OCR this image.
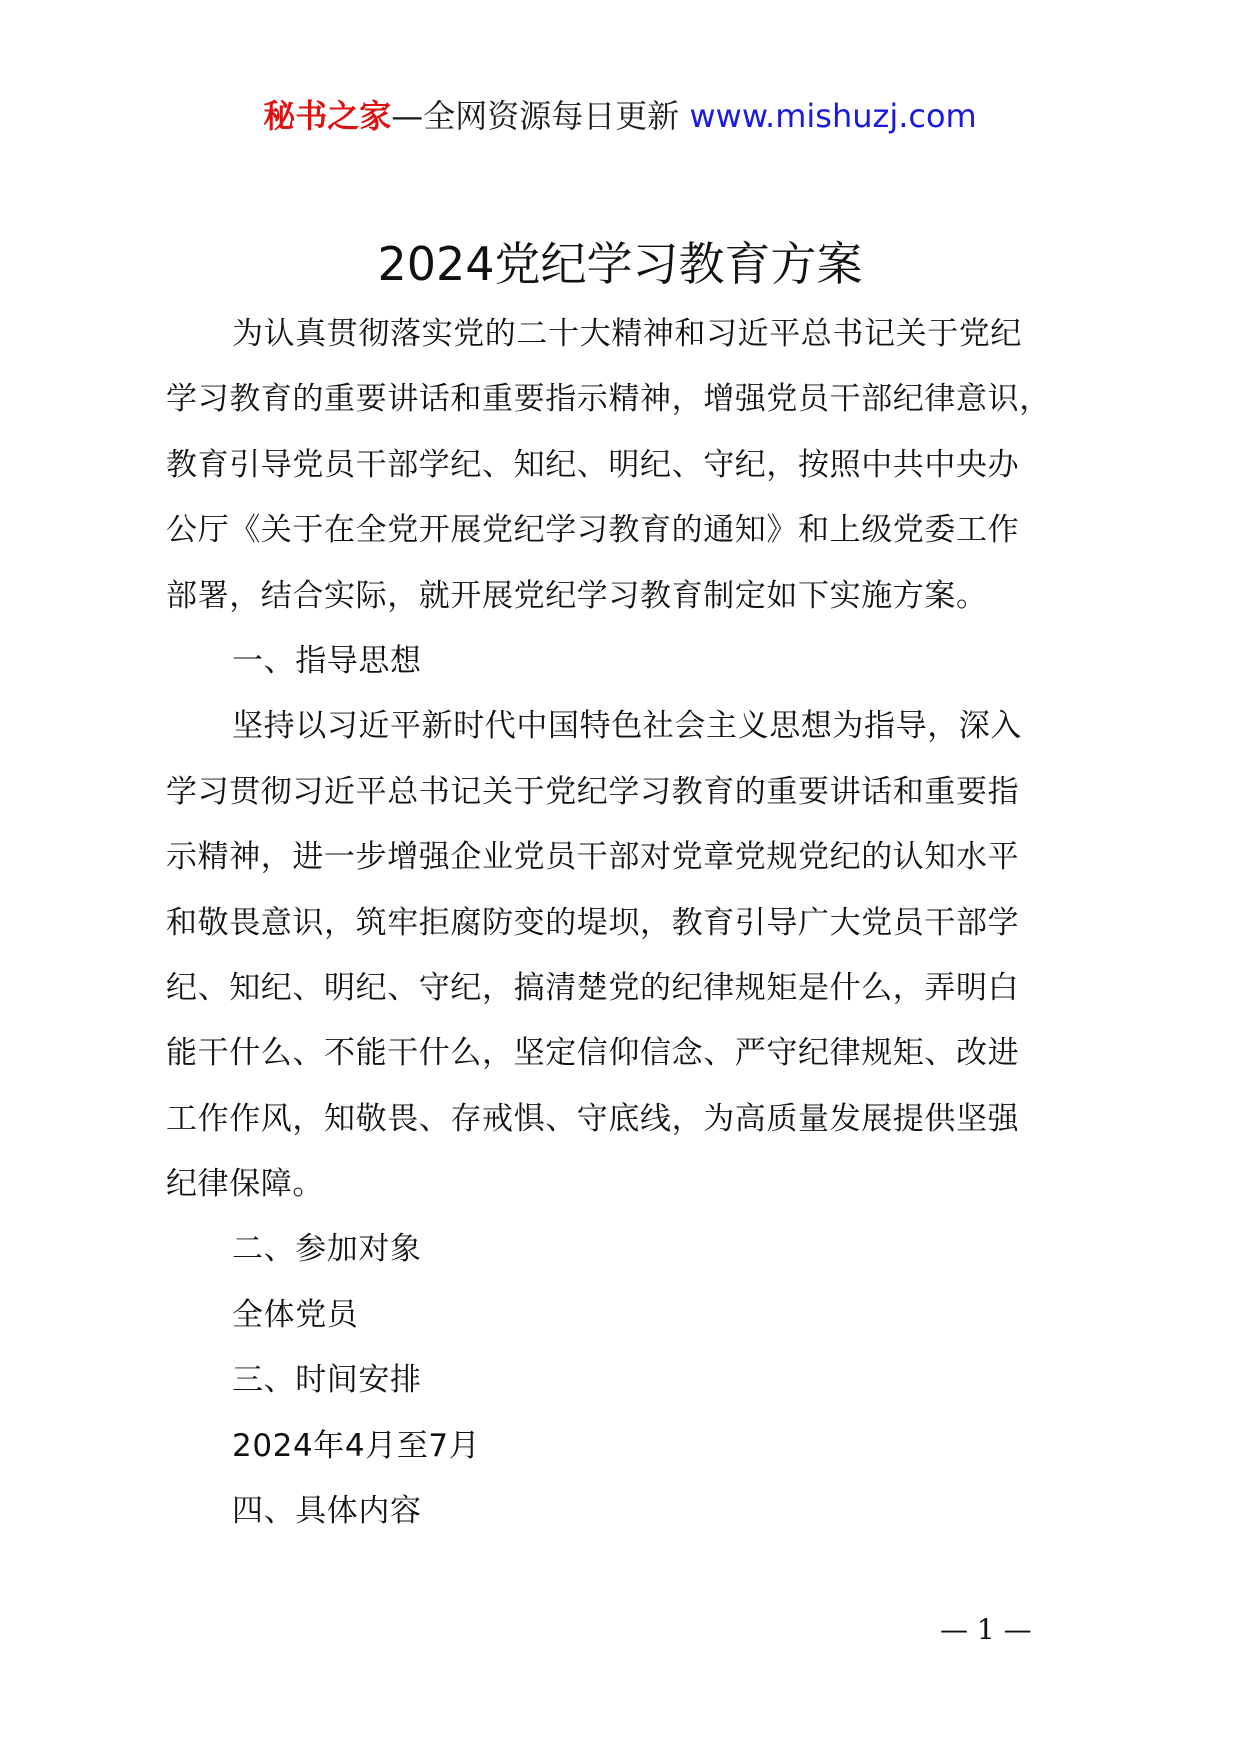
秘书之家—全网资源每日更新 www.mishuzj.com
2024党纪学习教育方案
为认真贯彻落实党的二十大精神和习近平总书记关于党纪
学习教育的重要讲话和重要指示精神，增强党员干部纪律意识，
教育引导党员干部学纪、知纪、明纪、守纪，按照中共中央办
公厅《关于在全党开展党纪学习教育的通知》和上级党委工作
部署，结合实际，就开展党纪学习教育制定如下实施方案。
一、指导思想
坚持以习近平新时代中国特色社会主义思想为指导，深入
学习贯彻习近平总书记关于党纪学习教育的重要讲话和重要指
示精神，进一步增强企业党员干部对党章党规党纪的认知水平
和敬畏意识，筑牢拒腐防变的堤坝，教育引导广大党员干部学
纪、知纪、明纪、守纪，搞清楚党的纪律规矩是什么，弄明白
能干什么、不能干什么，坚定信仰信念、严守纪律规矩、改进
工作作风，知敬畏、存戒惧、守底线，为高质量发展提供坚强
纪律保障。
二、参加对象
全体党员
三、时间安排
2024年4月至7月
四、具体内容
— 1 —
